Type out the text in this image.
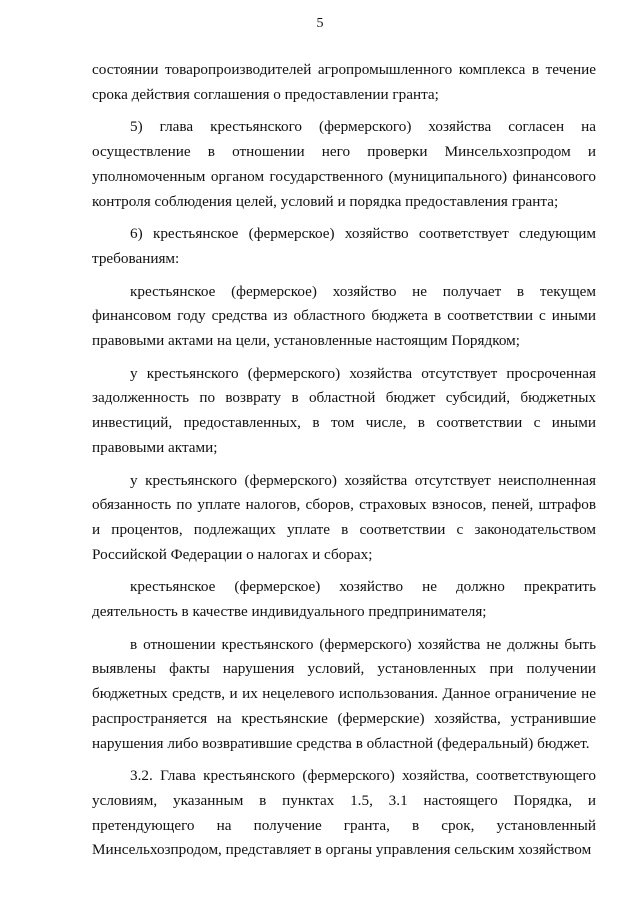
5

состоянии товаропроизводителей агропромышленного комплекса в течение срока действия соглашения о предоставлении гранта;

5) глава крестьянского (фермерского) хозяйства согласен на осуществление в отношении него проверки Минсельхозпродом и уполномоченным органом государственного (муниципального) финансового контроля соблюдения целей, условий и порядка предоставления гранта;

6) крестьянское (фермерское) хозяйство соответствует следующим требованиям:

крестьянское (фермерское) хозяйство не получает в текущем финансовом году средства из областного бюджета в соответствии с иными правовыми актами на цели, установленные настоящим Порядком;

у крестьянского (фермерского) хозяйства отсутствует просроченная задолженность по возврату в областной бюджет субсидий, бюджетных инвестиций, предоставленных, в том числе, в соответствии с иными правовыми актами;

у крестьянского (фермерского) хозяйства отсутствует неисполненная обязанность по уплате налогов, сборов, страховых взносов, пеней, штрафов и процентов, подлежащих уплате в соответствии с законодательством Российской Федерации о налогах и сборах;

крестьянское (фермерское) хозяйство не должно прекратить деятельность в качестве индивидуального предпринимателя;

в отношении крестьянского (фермерского) хозяйства не должны быть выявлены факты нарушения условий, установленных при получении бюджетных средств, и их нецелевого использования. Данное ограничение не распространяется на крестьянские (фермерские) хозяйства, устранившие нарушения либо возвратившие средства в областной (федеральный) бюджет.

3.2. Глава крестьянского (фермерского) хозяйства, соответствующего условиям, указанным в пунктах 1.5, 3.1 настоящего Порядка, и претендующего на получение гранта, в срок, установленный Минсельхозпродом, представляет в органы управления сельским хозяйством
